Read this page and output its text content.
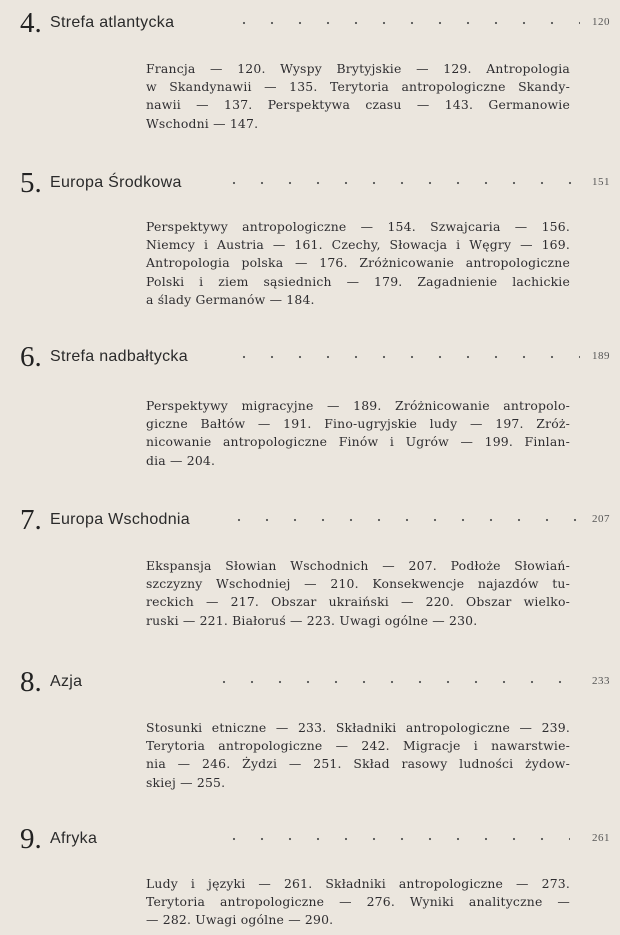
4. Strefa atlantycka	120
Francja — 120. Wyspy Brytyjskie — 129. Antropologia
w Skandynawii — 135. Terytoria antropologiczne Skandy-
nawii — 137. Perspektywa czasu — 143. Germanowie
Wschodni — 147.
5. Europa Środkowa	151
Perspektywy antropologiczne — 154. Szwajcaria — 156.
Niemcy i Austria — 161. Czechy, Słowacja i Węgry — 169.
Antropologia polska — 176. Zróżnicowanie antropologiczne
Polski i ziem sąsiednich — 179. Zagadnienie lachickie
a ślady Germanów — 184.
6. Strefa nadbałtycka	189
Perspektywy migracyjne — 189. Zróżnicowanie antropolo-
giczne Bałtów — 191. Fino-ugryjskie ludy — 197. Zróż-
nicowanie antropologiczne Finów i Ugrów — 199. Finlan-
dia — 204.
7. Europa Wschodnia	207
Ekspansja Słowian Wschodnich — 207. Podłoże Słowiań-
szczyzny Wschodniej — 210. Konsekwencje najazdów tu-
reckich — 217. Obszar ukraiński — 220. Obszar wielko-
ruski — 221. Białoruś — 223. Uwagi ogólne — 230.
8. Azja	233
Stosunki etniczne — 233. Składniki antropologiczne — 239.
Terytoria antropologiczne — 242. Migracje i nawarstwie-
nia — 246. Żydzi — 251. Skład rasowy ludności żydow-
skiej — 255.
9. Afryka	261
Ludy i języki — 261. Składniki antropologiczne — 273.
Terytoria antropologiczne — 276. Wyniki analityczne —
— 282. Uwagi ogólne — 290.
